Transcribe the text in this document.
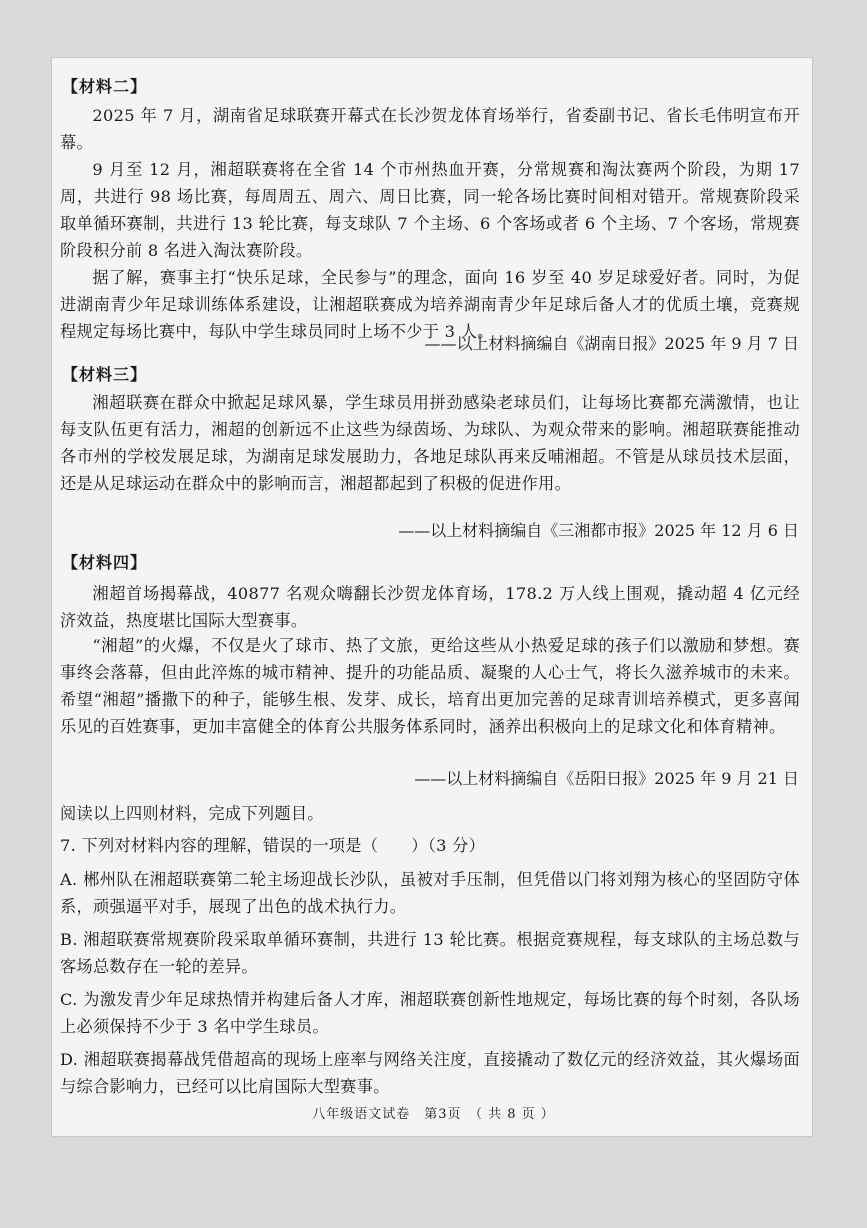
【材料二】
2025 年 7 月，湖南省足球联赛开幕式在长沙贺龙体育场举行，省委副书记、省长毛伟明宣布开幕。
9 月至 12 月，湘超联赛将在全省 14 个市州热血开赛，分常规赛和淘汰赛两个阶段，为期 17 周，共进行 98 场比赛，每周周五、周六、周日比赛，同一轮各场比赛时间相对错开。常规赛阶段采取单循环赛制，共进行 13 轮比赛，每支球队 7 个主场、6 个客场或者 6 个主场、7 个客场，常规赛阶段积分前 8 名进入淘汰赛阶段。
据了解，赛事主打“快乐足球，全民参与”的理念，面向 16 岁至 40 岁足球爱好者。同时，为促进湖南青少年足球训练体系建设，让湘超联赛成为培养湖南青少年足球后备人才的优质土壤，竞赛规程规定每场比赛中，每队中学生球员同时上场不少于 3 人。
——以上材料摘编自《湖南日报》2025 年 9 月 7 日
【材料三】
湘超联赛在群众中掀起足球风暴，学生球员用拼劲感染老球员们，让每场比赛都充满激情，也让每支队伍更有活力，湘超的创新远不止这些为绿茵场、为球队、为观众带来的影响。湘超联赛能推动各市州的学校发展足球，为湖南足球发展助力，各地足球队再来反哺湘超。不管是从球员技术层面，还是从足球运动在群众中的影响而言，湘超都起到了积极的促进作用。
——以上材料摘编自《三湘都市报》2025 年 12 月 6 日
【材料四】
湘超首场揭幕战，40877 名观众嗨翻长沙贺龙体育场，178.2 万人线上围观，撬动超 4 亿元经济效益，热度堪比国际大型赛事。
“湘超”的火爆，不仅是火了球市、热了文旅，更给这些从小热爱足球的孩子们以激励和梦想。赛事终会落幕，但由此淬炼的城市精神、提升的功能品质、凝聚的人心士气，将长久滋养城市的未来。希望“湘超”播撒下的种子，能够生根、发芽、成长，培育出更加完善的足球青训培养模式，更多喜闻乐见的百姓赛事，更加丰富健全的体育公共服务体系同时，涵养出积极向上的足球文化和体育精神。
——以上材料摘编自《岳阳日报》2025 年 9 月 21 日
阅读以上四则材料，完成下列题目。
7. 下列对材料内容的理解，错误的一项是（　　）（3 分）
A. 郴州队在湘超联赛第二轮主场迎战长沙队，虽被对手压制，但凭借以门将刘翔为核心的坚固防守体系，顽强逼平对手，展现了出色的战术执行力。
B. 湘超联赛常规赛阶段采取单循环赛制，共进行 13 轮比赛。根据竞赛规程，每支球队的主场总数与客场总数存在一轮的差异。
C. 为激发青少年足球热情并构建后备人才库，湘超联赛创新性地规定，每场比赛的每个时刻，各队场上必须保持不少于 3 名中学生球员。
D. 湘超联赛揭幕战凭借超高的现场上座率与网络关注度，直接撬动了数亿元的经济效益，其火爆场面与综合影响力，已经可以比肩国际大型赛事。
八年级语文试卷　第3页　（ 共 8 页 ）
